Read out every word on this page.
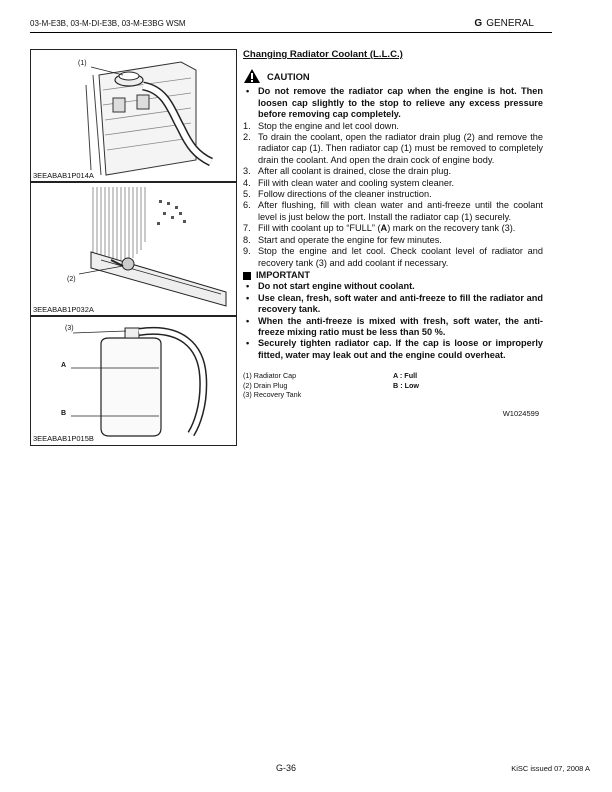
03-M-E3B, 03-M-DI-E3B, 03-M-E3BG WSM	G GENERAL
(1)
3EEABAB1P014A
(2)
3EEABAB1P032A
(3)
A
B
3EEABAB1P015B
Changing Radiator Coolant (L.L.C.)
CAUTION
• Do not remove the radiator cap when the engine is hot. Then loosen cap slightly to the stop to relieve any excess pressure before removing cap completely.
1. Stop the engine and let cool down.
2. To drain the coolant, open the radiator drain plug (2) and remove the radiator cap (1). Then radiator cap (1) must be removed to completely drain the coolant. And open the drain cock of engine body.
3. After all coolant is drained, close the drain plug.
4. Fill with clean water and cooling system cleaner.
5. Follow directions of the cleaner instruction.
6. After flushing, fill with clean water and anti-freeze until the coolant level is just below the port. Install the radiator cap (1) securely.
7. Fill with coolant up to “FULL” (A) mark on the recovery tank (3).
8. Start and operate the engine for few minutes.
9. Stop the engine and let cool. Check coolant level of radiator and recovery tank (3) and add coolant if necessary.
IMPORTANT
• Do not start engine without coolant.
• Use clean, fresh, soft water and anti-freeze to fill the radiator and recovery tank.
• When the anti-freeze is mixed with fresh, soft water, the anti-freeze mixing ratio must be less than 50 %.
• Securely tighten radiator cap. If the cap is loose or improperly fitted, water may leak out and the engine could overheat.
(1) Radiator Cap	A : Full
(2) Drain Plug	B : Low
(3) Recovery Tank
W1024599
G-36	KiSC issued 07, 2008 A
